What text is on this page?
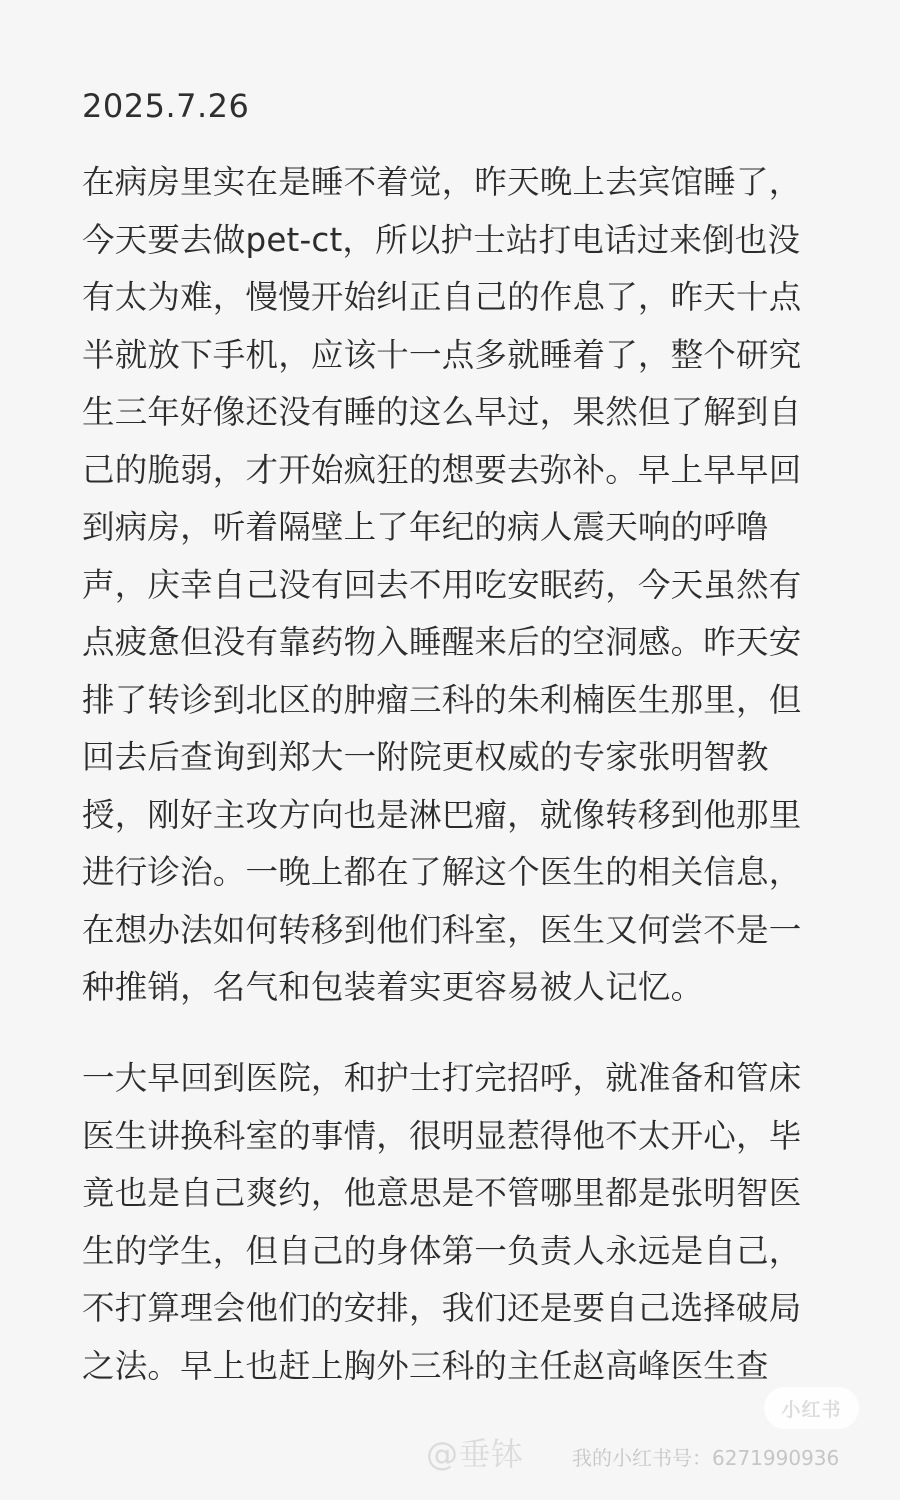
2025.7.26

在病房里实在是睡不着觉，昨天晚上去宾馆睡了，今天要去做pet-ct，所以护士站打电话过来倒也没有太为难，慢慢开始纠正自己的作息了，昨天十点半就放下手机，应该十一点多就睡着了，整个研究生三年好像还没有睡的这么早过，果然但了解到自己的脆弱，才开始疯狂的想要去弥补。早上早早回到病房，听着隔壁上了年纪的病人震天响的呼噜声，庆幸自己没有回去不用吃安眠药，今天虽然有点疲惫但没有靠药物入睡醒来后的空洞感。昨天安排了转诊到北区的肿瘤三科的朱利楠医生那里，但回去后查询到郑大一附院更权威的专家张明智教授，刚好主攻方向也是淋巴瘤，就像转移到他那里进行诊治。一晚上都在了解这个医生的相关信息，在想办法如何转移到他们科室，医生又何尝不是一种推销，名气和包装着实更容易被人记忆。

一大早回到医院，和护士打完招呼，就准备和管床医生讲换科室的事情，很明显惹得他不太开心，毕竟也是自己爽约，他意思是不管哪里都是张明智医生的学生，但自己的身体第一负责人永远是自己，不打算理会他们的安排，我们还是要自己选择破局之法。早上也赶上胸外三科的主任赵高峰医生查

小红书
@垂钵 我的小红书号：6271990936
